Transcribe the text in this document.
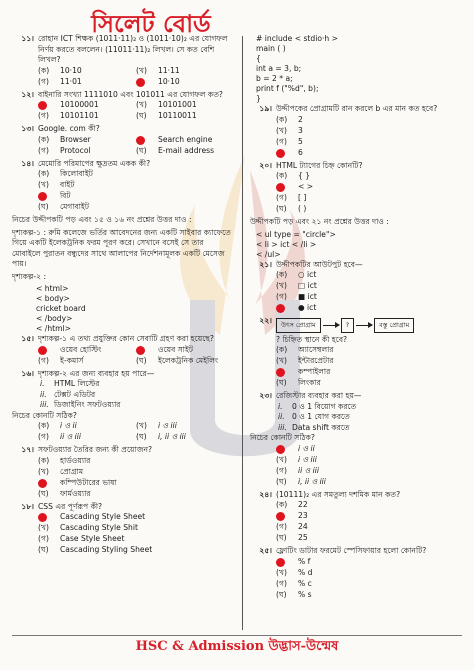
সিলেট বোর্ড
১১। রোহান ICT শিক্ষক (1011·11)₂ ও (1011·10)₂ এর যোগফল নির্ণয় করতে বললেন। (11011·11)₂ লিখল। সে কত বেশি লিখল?
(ক)	10·10	(খ)	11·11
(গ)	11·01	10·10
১২। বাইনারি সংখ্যা 1111010 এবং 101011 এর যোগফল কত?
10100001	(খ)	10101001
(গ)	10101101	(ঘ)	10110011
১৩। Google. com কী?
(ক)	Browser	Search engine
(গ)	Protocol	(ঘ)	E-mail address
১৪। মেমোরি পরিমাপের ক্ষুদ্রতম একক কী?
(ক)	কিলোবাইট
(খ)	বাইট
বিট
(ঘ)	মেগাবাইট
নিচের উদ্দীপকটি পড় এবং ১৫ ও ১৬ নং প্রশ্নের উত্তর দাও :
দৃশ্যকল্প-১ : রুমি কলেজে ভর্তির আবেদনের জন্য একটি সাইবার ক্যাফেতে গিয়ে একটি ইলেকট্রনিক ফরম পূরণ করে। সেখানে বসেই সে তার মোবাইলে পুরাতন বন্ধুদের সাথে আলাপের নির্দেশনামূলক একটি মেসেজ পায়।
দৃশ্যকল্প-২ :
< html>
< body>
cricket board
< /body>
< /html>
১৫। দৃশ্যকল্প-১ এ তথ্য প্রযুক্তির কোন সেবাটি গ্রহণ করা হয়েছে?
ওয়েব হোস্টিং	ওয়েব সাইট
(গ)	ই-কমার্স	(ঘ)	ইলেকট্রনিক মেইলিং
১৬। দৃশ্যকল্প-২ এর জন্য ব্যবহার হয় পারে—
i.	HTML লিস্টের
ii. টেক্সট এডিটর
iii. ডিজাইনিং সফটওয়্যার
নিচের কোনটি সঠিক?
(ক)	i ও ii	(খ)	i ও iii
(গ)	ii ও iii	(ঘ)	i, ii ও iii
১৭। সফটওয়্যার তৈরির জন্য কী প্রয়োজন?
(ক)	হার্ডওয়্যার
(খ)	প্রোগ্রাম
কম্পিউটারের ভাষা
(ঘ)	ফার্মওয়্যার
১৮। CSS এর পূর্ণরূপ কী?
Cascading Style Sheet
(খ)	Cascading Style Shit
(গ)	Case Style Sheet
(ঘ)	Cascading Styling Sheet
# include < stdio·h >
main ( )
{
int a = 3, b;
b = 2 * a;
print f ("%d", b);
}
১৯। উদ্দীপকের প্রোগ্রামটি রান করলে b এর মান কত হবে?
(ক)	2
(খ)	3
(গ)	5
6
২০। HTML ট্যাগের চিহ্ন কোনটি?
(ক)	{ }
< >
(গ)	[ ]
(ঘ)	( )
উদ্দীপকটি পড় এবং ২১ নং প্রশ্নের উত্তর দাও :
< ul type = "circle">
< li > ict < /li >
< /ul>
২১। উদ্দীপকটির আউটপুট হবে—
(ক)	○ ict
(খ)	□ ict
(গ)	■ ict
● ict
২২।	উৎস প্রোগ্রাম	?	বস্তু প্রোগ্রাম
? চিহ্নিত স্থানে কী হবে?
(ক)	অ্যাসেম্বলার
(খ)	ইন্টারপ্রেটার
কম্পাইলার
(ঘ)	লিংকার
২৩। রেজিস্টার ব্যবহার করা হয়—
i.	0 ও 1 বিয়োগ করতে
ii. 0 ও 1 যোগ করতে
iii. Data shift করতে
নিচের কোনটি সঠিক?
i ও ii
(খ)	i ও iii
(গ)	ii ও iii
(ঘ)	i, ii ও iii
২৪। (10111)₂ এর সমতুল্য দশমিক মান কত?
(ক)	22
23
(গ)	24
(ঘ)	25
২৫। ফ্লোটিং ডাটার ফরমেট স্পেসিফায়ার হলো কোনটি?
% f
(খ)	% d
(গ)	% c
(ঘ)	% s
HSC & Admission উদ্ভাস-উন্মেষ
